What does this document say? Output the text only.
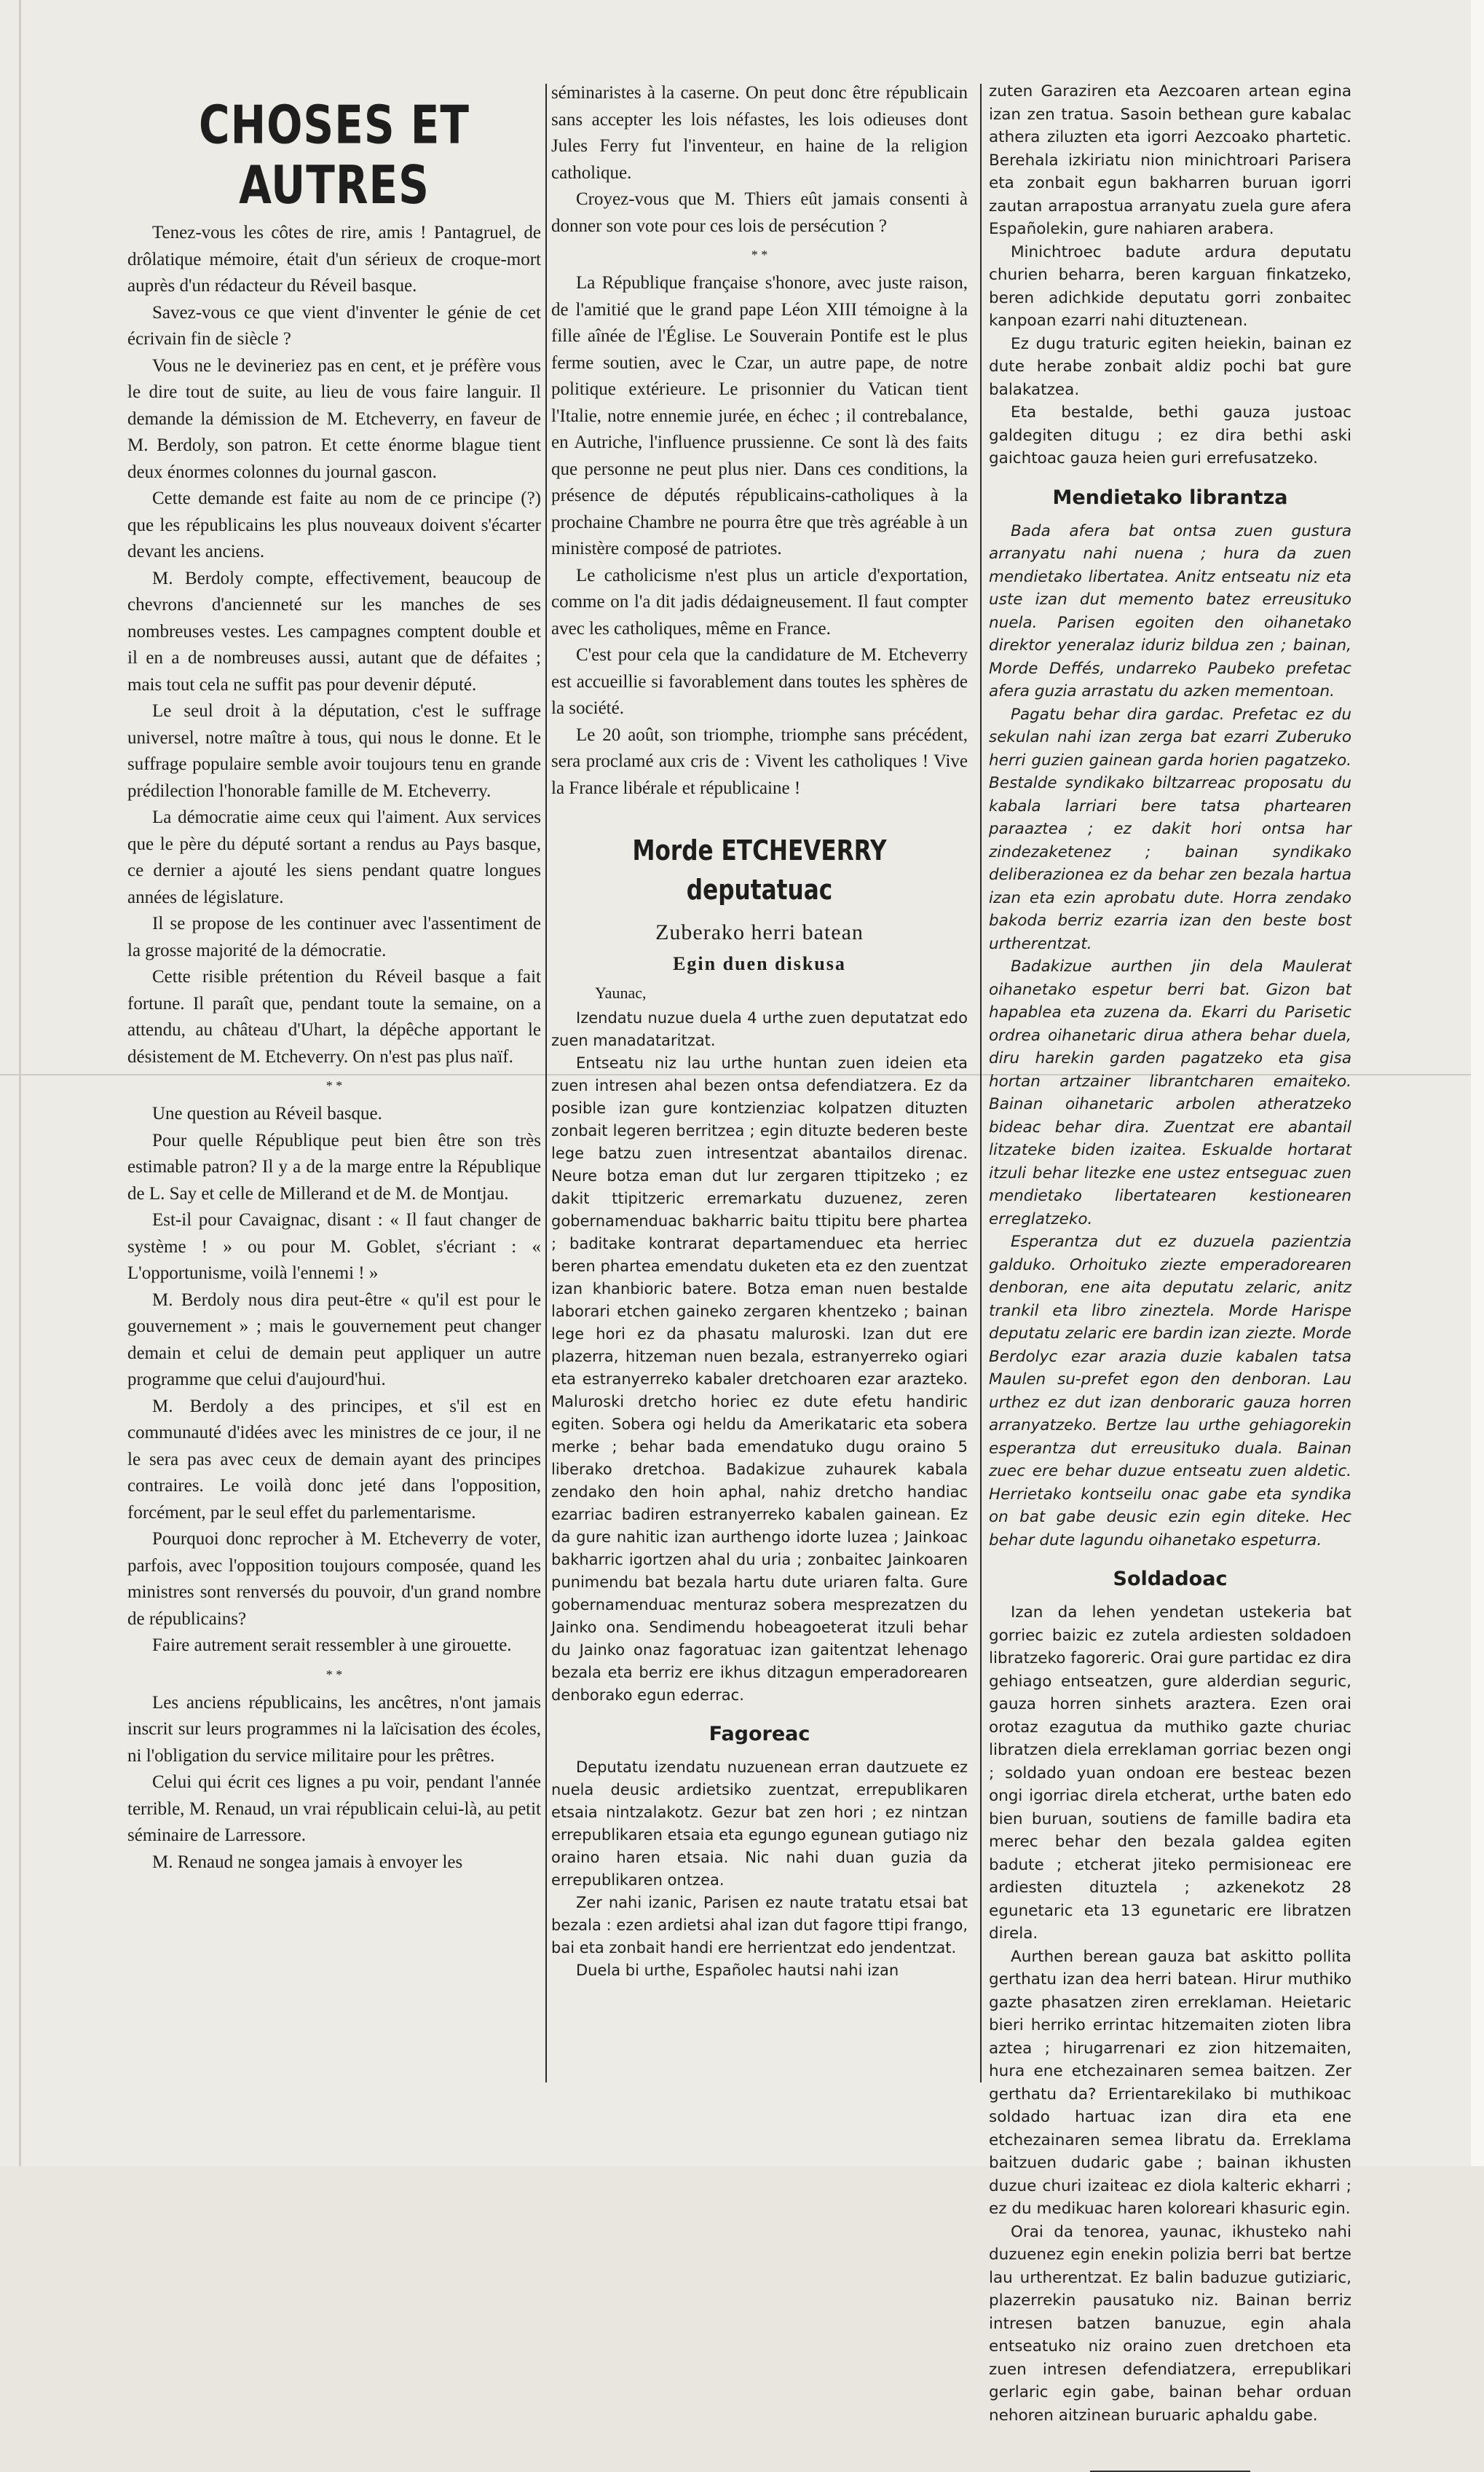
CHOSES ET AUTRES

Tenez-vous les côtes de rire, amis ! Pantagruel, de drôlatique mémoire, était d'un sérieux de croque-mort auprès d'un rédacteur du Réveil basque.

Savez-vous ce que vient d'inventer le génie de cet écrivain fin de siècle ?

Vous ne le devineriez pas en cent, et je préfère vous le dire tout de suite, au lieu de vous faire languir. Il demande la démission de M. Etcheverry, en faveur de M. Berdoly, son patron. Et cette énorme blague tient deux énormes colonnes du journal gascon.

Cette demande est faite au nom de ce principe (?) que les républicains les plus nouveaux doivent s'écarter devant les anciens.

M. Berdoly compte, effectivement, beaucoup de chevrons d'ancienneté sur les manches de ses nombreuses vestes. Les campagnes comptent double et il en a de nombreuses aussi, autant que de défaites ; mais tout cela ne suffit pas pour devenir député.

Le seul droit à la députation, c'est le suffrage universel, notre maître à tous, qui nous le donne. Et le suffrage populaire semble avoir toujours tenu en grande prédilection l'honorable famille de M. Etcheverry.

La démocratie aime ceux qui l'aiment. Aux services que le père du député sortant a rendus au Pays basque, ce dernier a ajouté les siens pendant quatre longues années de législature.

Il se propose de les continuer avec l'assentiment de la grosse majorité de la démocratie.

Cette risible prétention du Réveil basque a fait fortune. Il paraît que, pendant toute la semaine, on a attendu, au château d'Uhart, la dépêche apportant le désistement de M. Etcheverry. On n'est pas plus naïf.

* *

Une question au Réveil basque.

Pour quelle République peut bien être son très estimable patron? Il y a de la marge entre la République de L. Say et celle de Millerand et de M. de Montjau.

Est-il pour Cavaignac, disant : « Il faut changer de système ! » ou pour M. Goblet, s'écriant : « L'opportunisme, voilà l'ennemi ! »

M. Berdoly nous dira peut-être « qu'il est pour le gouvernement » ; mais le gouvernement peut changer demain et celui de demain peut appliquer un autre programme que celui d'aujourd'hui.

M. Berdoly a des principes, et s'il est en communauté d'idées avec les ministres de ce jour, il ne le sera pas avec ceux de demain ayant des principes contraires. Le voilà donc jeté dans l'opposition, forcément, par le seul effet du parlementarisme.

Pourquoi donc reprocher à M. Etcheverry de voter, parfois, avec l'opposition toujours composée, quand les ministres sont renversés du pouvoir, d'un grand nombre de républicains?

Faire autrement serait ressembler à une girouette.

* *

Les anciens républicains, les ancêtres, n'ont jamais inscrit sur leurs programmes ni la laïcisation des écoles, ni l'obligation du service militaire pour les prêtres.

Celui qui écrit ces lignes a pu voir, pendant l'année terrible, M. Renaud, un vrai républicain celui-là, au petit séminaire de Larressore.

M. Renaud ne songea jamais à envoyer les

séminaristes à la caserne. On peut donc être républicain sans accepter les lois néfastes, les lois odieuses dont Jules Ferry fut l'inventeur, en haine de la religion catholique.

Croyez-vous que M. Thiers eût jamais consenti à donner son vote pour ces lois de persécution ?

* *

La République française s'honore, avec juste raison, de l'amitié que le grand pape Léon XIII témoigne à la fille aînée de l'Église. Le Souverain Pontife est le plus ferme soutien, avec le Czar, un autre pape, de notre politique extérieure. Le prisonnier du Vatican tient l'Italie, notre ennemie jurée, en échec ; il contrebalance, en Autriche, l'influence prussienne. Ce sont là des faits que personne ne peut plus nier. Dans ces conditions, la présence de députés républicains-catholiques à la prochaine Chambre ne pourra être que très agréable à un ministère composé de patriotes.

Le catholicisme n'est plus un article d'exportation, comme on l'a dit jadis dédaigneusement. Il faut compter avec les catholiques, même en France.

C'est pour cela que la candidature de M. Etcheverry est accueillie si favorablement dans toutes les sphères de la société.

Le 20 août, son triomphe, triomphe sans précédent, sera proclamé aux cris de : Vivent les catholiques ! Vive la France libérale et républicaine !

Morde ETCHEVERRY deputatuac
Zuberako herri batean
Egin duen diskusa
Yaunac,

Izendatu nuzue duela 4 urthe zuen deputatzat edo zuen manadataritzat.

Entseatu niz lau urthe huntan zuen ideien eta zuen intresen ahal bezen ontsa defendiatzera. Ez da posible izan gure kontzienziac kolpatzen dituzten zonbait legeren berritzea ; egin dituzte bederen beste lege batzu zuen intresentzat abantailos direnac. Neure botza eman dut lur zergaren ttipitzeko ; ez dakit ttipitzeric erremarkatu duzuenez, zeren gobernamenduac bakharric baitu ttipitu bere phartea ; baditake kontrarat departamenduec eta herriec beren phartea emendatu duketen eta ez den zuentzat izan khanbioric batere. Botza eman nuen bestalde laborari etchen gaineko zergaren khentzeko ; bainan lege hori ez da phasatu maluroski. Izan dut ere plazerra, hitzeman nuen bezala, estranyerreko ogiari eta estranyerreko kabaler dretchoaren ezar arazteko. Maluroski dretcho horiec ez dute efetu handiric egiten. Sobera ogi heldu da Amerikataric eta sobera merke ; behar bada emendatuko dugu oraino 5 liberako dretchoa. Badakizue zuhaurek kabala zendako den hoin aphal, nahiz dretcho handiac ezarriac badiren estranyerreko kabalen gainean. Ez da gure nahitic izan aurthengo idorte luzea ; Jainkoac bakharric igortzen ahal du uria ; zonbaitec Jainkoaren punimendu bat bezala hartu dute uriaren falta. Gure gobernamenduac menturaz sobera mesprezatzen du Jainko ona. Sendimendu hobeagoeterat itzuli behar du Jainko onaz fagoratuac izan gaitentzat lehenago bezala eta berriz ere ikhus ditzagun emperadorearen denborako egun ederrac.

Fagoreac

Deputatu izendatu nuzuenean erran dautzuete ez nuela deusic ardietsiko zuentzat, errepublikaren etsaia nintzalakotz. Gezur bat zen hori ; ez nintzan errepublikaren etsaia eta egungo egunean gutiago niz oraino haren etsaia. Nic nahi duan guzia da errepublikaren ontzea.

Zer nahi izanic, Parisen ez naute tratatu etsai bat bezala : ezen ardietsi ahal izan dut fagore ttipi frango, bai eta zonbait handi ere herrientzat edo jendentzat.

Duela bi urthe, Españolec hautsi nahi izan

zuten Garaziren eta Aezcoaren artean egina izan zen tratua. Sasoin bethean gure kabalac athera ziluzten eta igorri Aezcoako phartetic. Berehala izkiriatu nion minichtroari Parisera eta zonbait egun bakharren buruan igorri zautan arrapostua arranyatu zuela gure afera Españolekin, gure nahiaren arabera.

Minichtroec badute ardura deputatu churien beharra, beren karguan finkatzeko, beren adichkide deputatu gorri zonbaitec kanpoan ezarri nahi dituztenean.

Ez dugu traturic egiten heiekin, bainan ez dute herabe zonbait aldiz pochi bat gure balakatzea.

Eta bestalde, bethi gauza justoac galdegiten ditugu ; ez dira bethi aski gaichtoac gauza heien guri errefusatzeko.

Mendietako librantza

Bada afera bat ontsa zuen gustura arranyatu nahi nuena ; hura da zuen mendietako libertatea. Anitz entseatu niz eta uste izan dut memento batez erreusituko nuela. Parisen egoiten den oihanetako direktor yeneralaz iduriz bildua zen ; bainan, Morde Deffés, undarreko Paubeko prefetac afera guzia arrastatu du azken mementoan.

Pagatu behar dira gardac. Prefetac ez du sekulan nahi izan zerga bat ezarri Zuberuko herri guzien gainean garda horien pagatzeko. Bestalde syndikako biltzarreac proposatu du kabala larriari bere tatsa phartearen paraaztea ; ez dakit hori ontsa har zindezaketenez ; bainan syndikako deliberazionea ez da behar zen bezala hartua izan eta ezin aprobatu dute. Horra zendako bakoda berriz ezarria izan den beste bost urtherentzat.

Badakizue aurthen jin dela Maulerat oihanetako espetur berri bat. Gizon bat hapablea eta zuzena da. Ekarri du Parisetic ordrea oihanetaric dirua athera behar duela, diru harekin garden pagatzeko eta gisa hortan artzainer librantcharen emaiteko. Bainan oihanetaric arbolen atheratzeko bideac behar dira. Zuentzat ere abantail litzateke biden izaitea. Eskualde hortarat itzuli behar litezke ene ustez entseguac zuen mendietako libertatearen kestionearen erreglatzeko.

Esperantza dut ez duzuela pazientzia galduko. Orhoituko ziezte emperadorearen denboran, ene aita deputatu zelaric, anitz trankil eta libro zineztela. Morde Harispe deputatu zelaric ere bardin izan ziezte. Morde Berdolyc ezar arazia duzie kabalen tatsa Maulen su-prefet egon den denboran. Lau urthez ez dut izan denboraric gauza horren arranyatzeko. Bertze lau urthe gehiagorekin esperantza dut erreusituko duala. Bainan zuec ere behar duzue entseatu zuen aldetic. Herrietako kontseilu onac gabe eta syndika on bat gabe deusic ezin egin diteke. Hec behar dute lagundu oihanetako espeturra.

Soldadoac

Izan da lehen yendetan ustekeria bat gorriec baizic ez zutela ardiesten soldadoen libratzeko fagoreric. Orai gure partidac ez dira gehiago entseatzen, gure alderdian seguric, gauza horren sinhets araztera. Ezen orai orotaz ezagutua da muthiko gazte churiac libratzen diela erreklaman gorriac bezen ongi ; soldado yuan ondoan ere besteac bezen ongi igorriac direla etcherat, urthe baten edo bien buruan, soutiens de famille badira eta merec behar den bezala galdea egiten badute ; etcherat jiteko permisioneac ere ardiesten dituztela ; azkenekotz 28 egunetaric eta 13 egunetaric ere libratzen direla.

Aurthen berean gauza bat askitto pollita gerthatu izan dea herri batean. Hirur muthiko gazte phasatzen ziren erreklaman. Heietaric bieri herriko errintac hitzemaiten zioten libra aztea ; hirugarrenari ez zion hitzemaiten, hura ene etchezainaren semea baitzen. Zer gerthatu da? Errientarekilako bi muthikoac soldado hartuac izan dira eta ene etchezainaren semea libratu da. Erreklama baitzuen dudaric gabe ; bainan ikhusten duzue churi izaiteac ez diola kalteric ekharri ; ez du medikuac haren koloreari khasuric egin.

Orai da tenorea, yaunac, ikhusteko nahi duzuenez egin enekin polizia berri bat bertze lau urtherentzat. Ez balin baduzue gutiziaric, plazerrekin pausatuko niz. Bainan berriz intresen batzen banuzue, egin ahala entseatuko niz oraino zuen dretchoen eta zuen intresen defendiatzera, errepublikari gerlaric egin gabe, bainan behar orduan nehoren aitzinean buruaric aphaldu gabe.
